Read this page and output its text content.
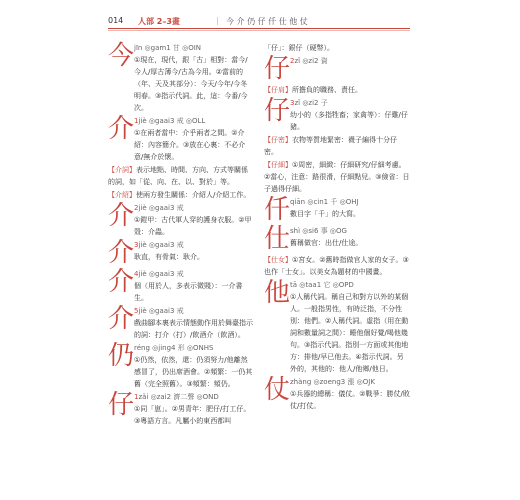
014 人部 2–3畫	| 今 介 仍 仔 仟 仕 他 仗
今 jīn ◎gam1 甘 ◎OIN
①現在，現代，跟「古」相對：當今/今人/厚古薄今/古為今用。②當前的（年、天及其部分）：今天/今年/今冬明春。③指示代詞。此，這：今番/今次。
介 1jiè ◎gaai3 戒 ◎OLL
①在兩者當中：介乎兩者之間。②介紹：內容簡介。③放在心裏：不必介意/無介於懷。
【介詞】表示地點、時間、方向、方式等關係的詞，如「從、向、在、以、對於」等。
【介紹】使兩方發生關係：介紹人/介紹工作。
介 2jiè ◎gaai3 戒
①鎧甲：古代軍人穿的護身衣服。②甲殼：介蟲。
介 3jiè ◎gaai3 戒
耿直，有骨氣：耿介。
介 4jiè ◎gaai3 戒
個（用於人，多表示微賤）：一介書生。
介 5jiè ◎gaai3 戒
戲曲腳本裏表示情態動作用於舞臺指示的詞：打介（打）/飲酒介（飲酒）。
仍 réng ◎jing4 形 ◎ONHS
①仍然，依然，還：仍須努力/他離然感冒了，仍出席酒會。②頻繁：一仍其舊（完全照舊）。③頻繁：頻仍。
仔 1zǎi ◎zai2 濟二聲 ◎OND
①同「崽」。②男青年：肥仔/打工仔。③粵語方言。凡屬小的東西都叫
「仔」：銀仔（硬幣）。
仔 2zǐ ◎zi2 資
【仔肩】所擔負的職務、責任。
仔 3zǐ ◎zi2 子
幼小的（多指牲畜；家禽等）：仔雞/仔豬。
【仔密】衣物等質地緊密：襪子編得十分仔密。
【仔細】①周密，細緻：仔細研究/仔細考慮。②當心，注意：路很滑，仔細點兒。③儉省：日子過得仔細。
仟 qiān ◎cin1 千 ◎OHJ
數目字「千」的大寫。
仕 shì ◎si6 事 ◎OG
舊稱做官：出仕/仕途。
【仕女】①宮女。②舊時指做官人家的女子。③也作「士女」。以美女為題材的中國畫。
他 tā ◎taa1 它 ◎OPD
①人稱代詞。稱自己和對方以外的某個人。一般指男性，有時泛指，不分性別：他們。②人稱代詞。虛指（用在動詞和數量詞之間）：睡他個好覺/喝他幾句。③指示代詞。指別一方面或其他地方：排他/早已他去。④指示代詞。另外的，其他的：他人/他鄉/他日。
仗 zhàng ◎zoeng3 漲 ◎OJK
①兵器的總稱：儀仗。②戰爭：勝仗/敗仗/打仗。
